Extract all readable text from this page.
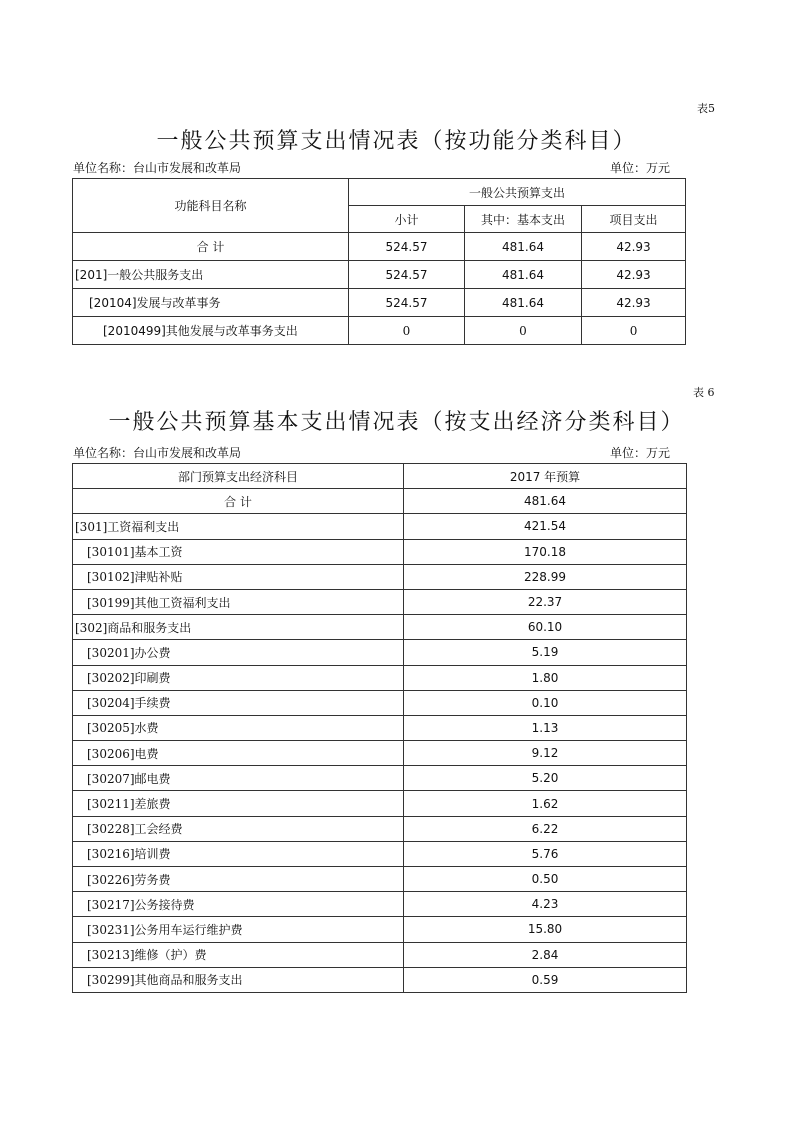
表5
一般公共预算支出情况表（按功能分类科目）
单位名称：台山市发展和改革局	单位：万元
功能科目名称	一般公共预算支出		
	小计	其中：基本支出	项目支出
合 计	524.57	481.64	42.93
[201]一般公共服务支出	524.57	481.64	42.93
[20104]发展与改革事务	524.57	481.64	42.93
[2010499]其他发展与改革事务支出	0	0	0
表 6
一般公共预算基本支出情况表（按支出经济分类科目）
单位名称：台山市发展和改革局	单位：万元
部门预算支出经济科目	2017 年预算
合 计	481.64
[301]工资福利支出	421.54
[30101]基本工资	170.18
[30102]津贴补贴	228.99
[30199]其他工资福利支出	22.37
[302]商品和服务支出	60.10
[30201]办公费	5.19
[30202]印刷费	1.80
[30204]手续费	0.10
[30205]水费	1.13
[30206]电费	9.12
[30207]邮电费	5.20
[30211]差旅费	1.62
[30228]工会经费	6.22
[30216]培训费	5.76
[30226]劳务费	0.50
[30217]公务接待费	4.23
[30231]公务用车运行维护费	15.80
[30213]维修（护）费	2.84
[30299]其他商品和服务支出	0.59
